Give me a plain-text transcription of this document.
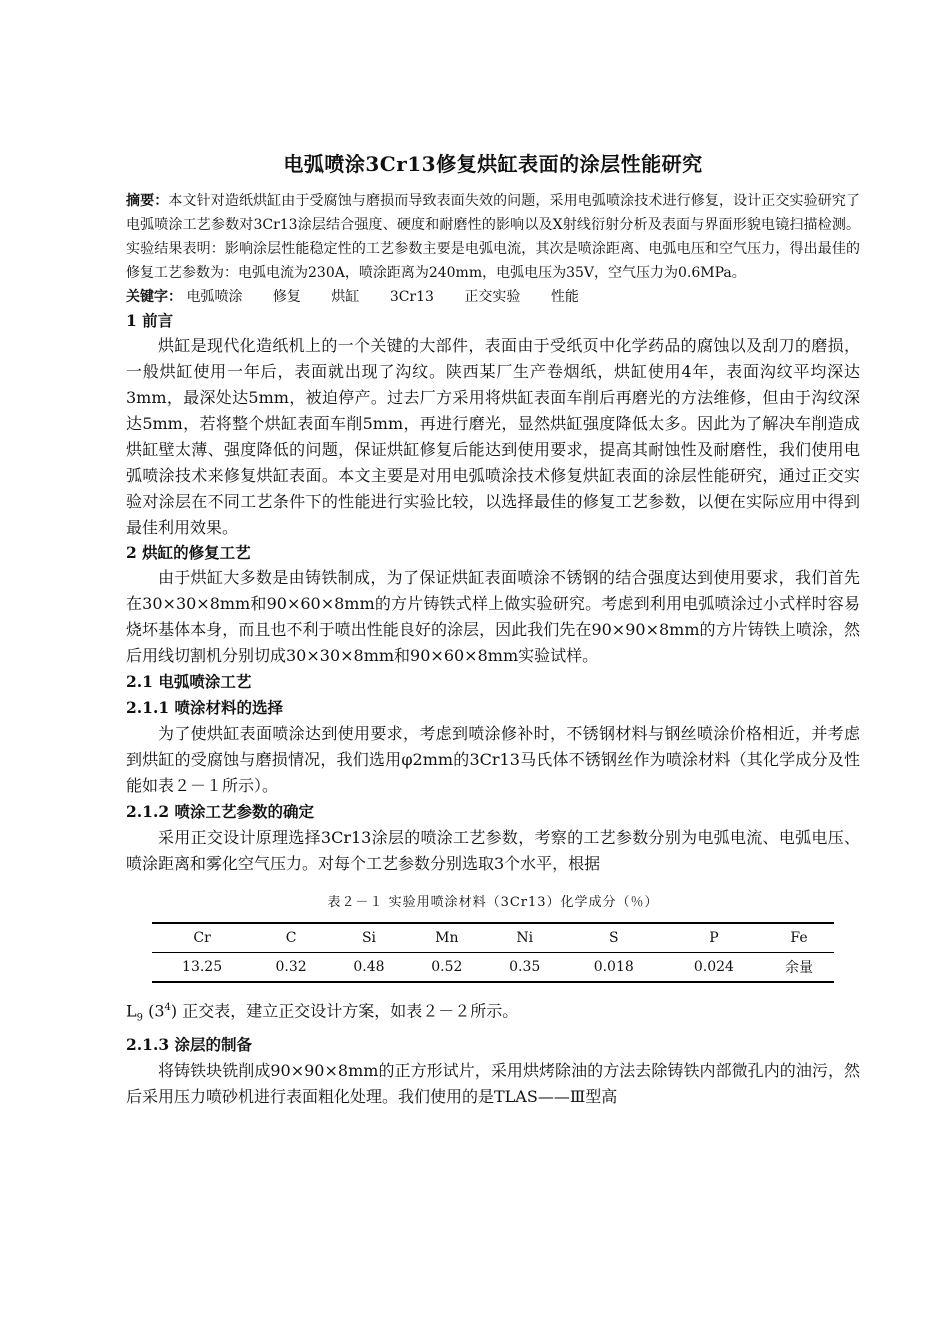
电弧喷涂3Cr13修复烘缸表面的涂层性能研究

摘要：本文针对造纸烘缸由于受腐蚀与磨损而导致表面失效的问题，采用电弧喷涂技术进行修复，设计正交实验研究了电弧喷涂工艺参数对3Cr13涂层结合强度、硬度和耐磨性的影响以及X射线衍射分析及表面与界面形貌电镜扫描检测。实验结果表明：影响涂层性能稳定性的工艺参数主要是电弧电流，其次是喷涂距离、电弧电压和空气压力，得出最佳的修复工艺参数为：电弧电流为230A，喷涂距离为240mm，电弧电压为35V，空气压力为0.6MPa。

关键字： 电弧喷涂 修复 烘缸 3Cr13 正交实验 性能

1 前言

烘缸是现代化造纸机上的一个关键的大部件，表面由于受纸页中化学药品的腐蚀以及刮刀的磨损，一般烘缸使用一年后，表面就出现了沟纹。陕西某厂生产卷烟纸，烘缸使用4年，表面沟纹平均深达3mm，最深处达5mm，被迫停产。过去厂方采用将烘缸表面车削后再磨光的方法维修，但由于沟纹深达5mm，若将整个烘缸表面车削5mm，再进行磨光，显然烘缸强度降低太多。因此为了解决车削造成烘缸壁太薄、强度降低的问题，保证烘缸修复后能达到使用要求，提高其耐蚀性及耐磨性，我们使用电弧喷涂技术来修复烘缸表面。本文主要是对用电弧喷涂技术修复烘缸表面的涂层性能研究，通过正交实验对涂层在不同工艺条件下的性能进行实验比较，以选择最佳的修复工艺参数，以便在实际应用中得到最佳利用效果。

2 烘缸的修复工艺

由于烘缸大多数是由铸铁制成，为了保证烘缸表面喷涂不锈钢的结合强度达到使用要求，我们首先在30×30×8mm和90×60×8mm的方片铸铁式样上做实验研究。考虑到利用电弧喷涂过小式样时容易烧坏基体本身，而且也不利于喷出性能良好的涂层，因此我们先在90×90×8mm的方片铸铁上喷涂，然后用线切割机分别切成30×30×8mm和90×60×8mm实验试样。

2.1 电弧喷涂工艺
2.1.1 喷涂材料的选择

为了使烘缸表面喷涂达到使用要求，考虑到喷涂修补时，不锈钢材料与钢丝喷涂价格相近，并考虑到烘缸的受腐蚀与磨损情况，我们选用φ2mm的3Cr13马氏体不锈钢丝作为喷涂材料（其化学成分及性能如表２－１所示）。

2.1.2 喷涂工艺参数的确定

采用正交设计原理选择3Cr13涂层的喷涂工艺参数，考察的工艺参数分别为电弧电流、电弧电压、喷涂距离和雾化空气压力。对每个工艺参数分别选取3个水平，根据

表２－１ 实验用喷涂材料（3Cr13）化学成分（％）
Cr	C	Si	Mn	Ni	S	P	Fe
13.25	0.32	0.48	0.52	0.35	0.018	0.024	余量

$L_9$ $(3^4)$ 正交表，建立正交设计方案，如表２－２所示。

2.1.3 涂层的制备

将铸铁块铣削成90×90×8mm的正方形试片，采用烘烤除油的方法去除铸铁内部微孔内的油污，然后采用压力喷砂机进行表面粗化处理。我们使用的是TLAS——Ⅲ型高
